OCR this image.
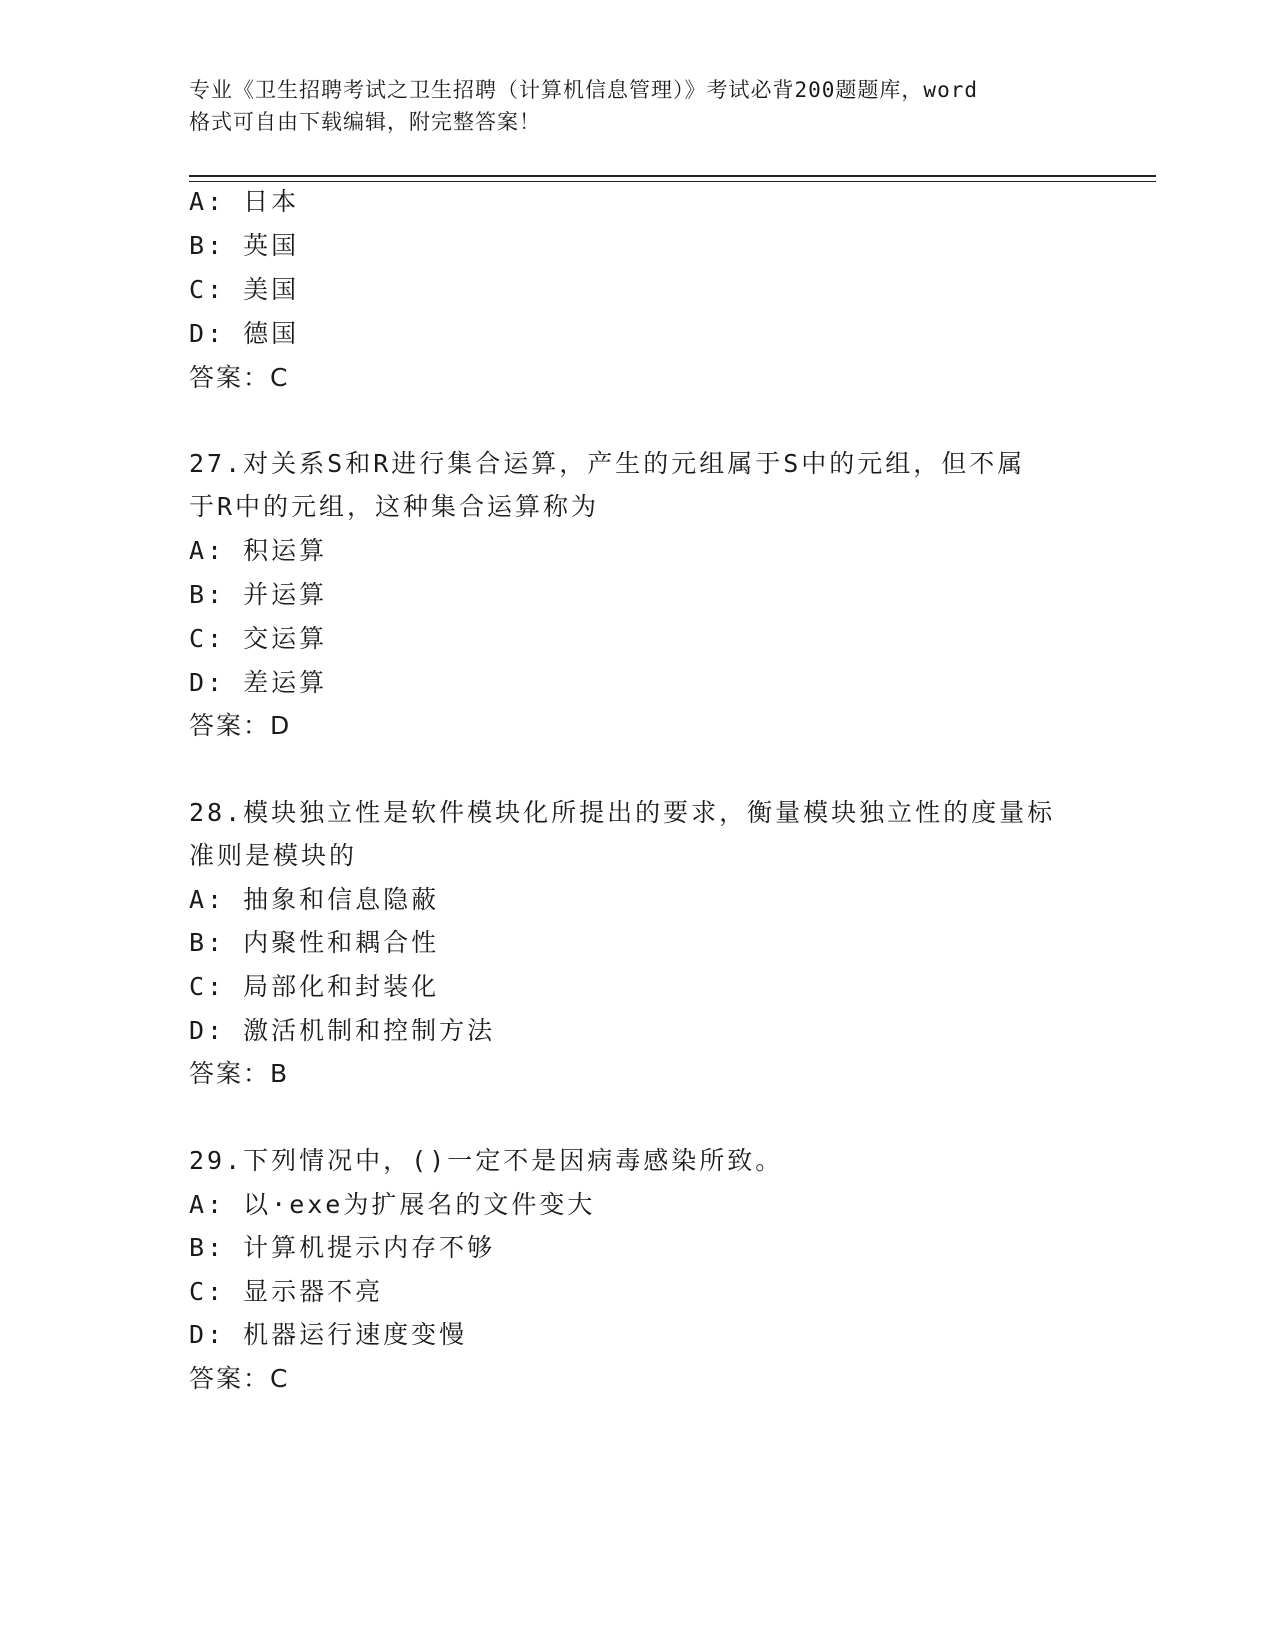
专业《卫生招聘考试之卫生招聘（计算机信息管理）》考试必背200题题库，word
格式可自由下载编辑，附完整答案！
A: 日本
B: 英国
C: 美国
D: 德国
答案：C
27.对关系S和R进行集合运算，产生的元组属于S中的元组，但不属
于R中的元组，这种集合运算称为
A: 积运算
B: 并运算
C: 交运算
D: 差运算
答案：D
28.模块独立性是软件模块化所提出的要求，衡量模块独立性的度量标
准则是模块的
A: 抽象和信息隐蔽
B: 内聚性和耦合性
C: 局部化和封装化
D: 激活机制和控制方法
答案：B
29.下列情况中，()一定不是因病毒感染所致。
A: 以·exe为扩展名的文件变大
B: 计算机提示内存不够
C: 显示器不亮
D: 机器运行速度变慢
答案：C
